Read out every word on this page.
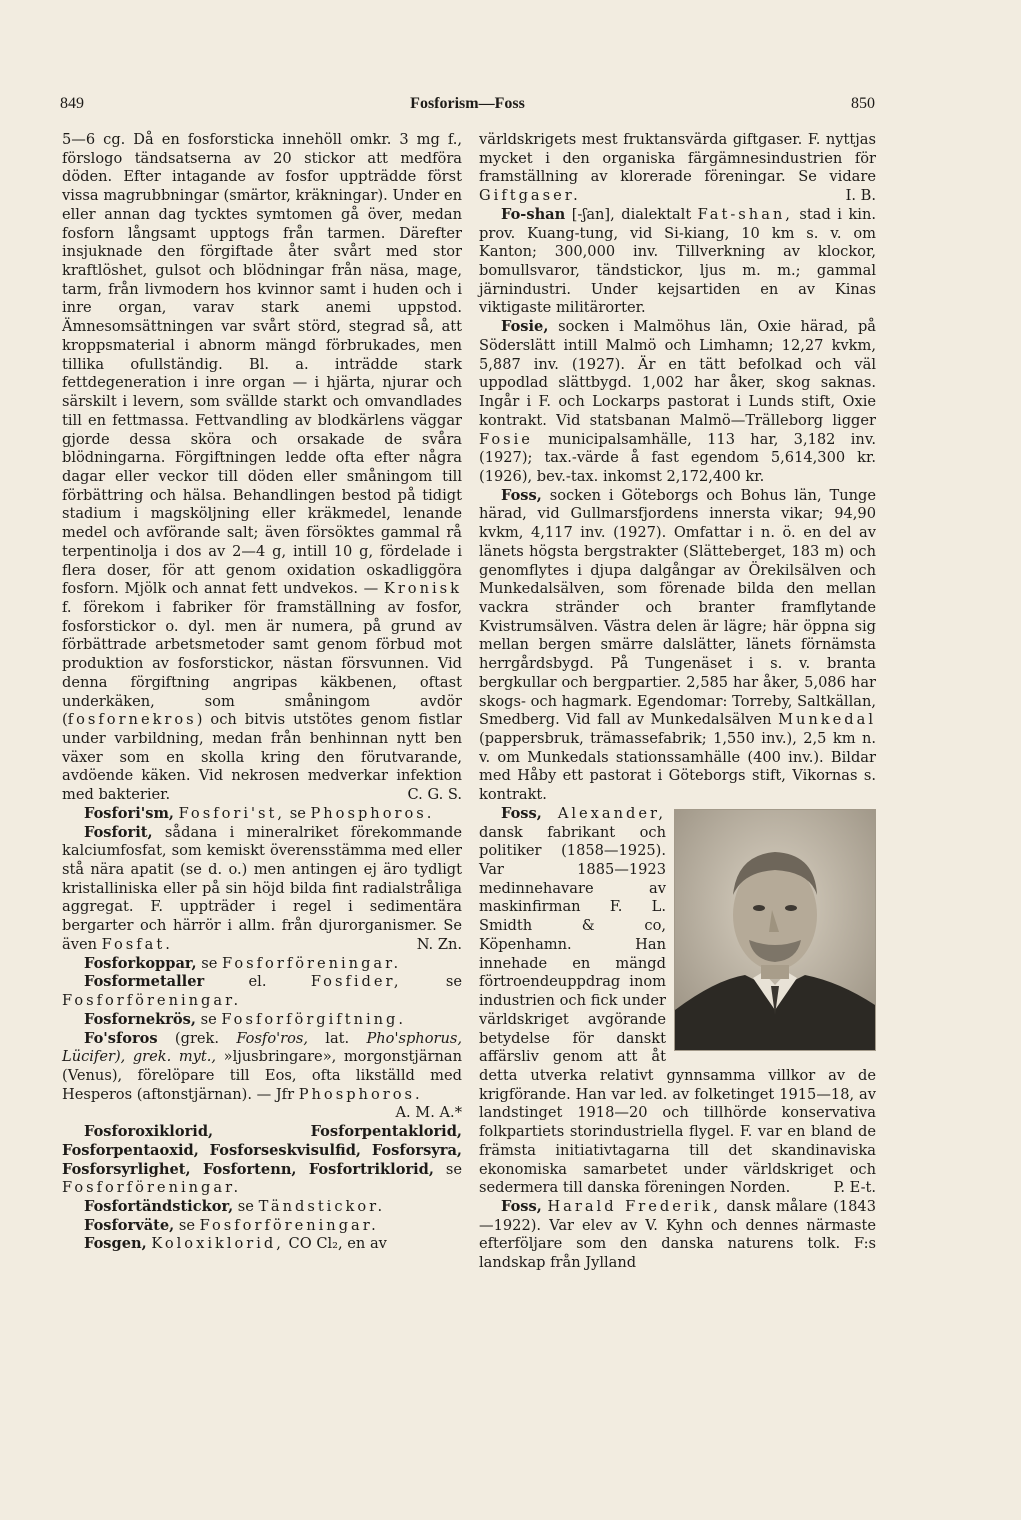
849	Fosforism—Foss	850

5—6 cg. Då en fosforsticka innehöll omkr. 3 mg f., förslogo tändsatserna av 20 stickor att medföra döden. Efter intagande av fosfor uppträdde först vissa magrubbningar (smärtor, kräkningar). Under en eller annan dag tycktes symtomen gå över, medan fosforn långsamt upptogs från tarmen. Därefter insjuknade den förgiftade åter svårt med stor kraftlöshet, gulsot och blödningar från näsa, mage, tarm, från livmodern hos kvinnor samt i huden och i inre organ, varav stark anemi uppstod. Ämnesomsättningen var svårt störd, stegrad så, att kroppsmaterial i abnorm mängd förbrukades, men tillika ofullständig. Bl. a. inträdde stark fettdegeneration i inre organ — i hjärta, njurar och särskilt i levern, som svällde starkt och omvandlades till en fettmassa. Fettvandling av blodkärlens väggar gjorde dessa sköra och orsakade de svåra blödningarna. Förgiftningen ledde ofta efter några dagar eller veckor till döden eller småningom till förbättring och hälsa. Behandlingen bestod på tidigt stadium i magsköljning eller kräkmedel, lenande medel och avförande salt; även försöktes gammal rå terpentinolja i dos av 2—4 g, intill 10 g, fördelade i flera doser, för att genom oxidation oskadliggöra fosforn. Mjölk och annat fett undvekos. — Kronisk f. förekom i fabriker för framställning av fosfor, fosforstickor o. dyl. men är numera, på grund av förbättrade arbetsmetoder samt genom förbud mot produktion av fosforstickor, nästan försvunnen. Vid denna förgiftning angripas käkbenen, oftast underkäken, som småningom avdör (fosfornekros) och bitvis utstötes genom fistlar under varbildning, medan från benhinnan nytt ben växer som en skolla kring den förutvarande, avdöende käken. Vid nekrosen medverkar infektion med bakterier.	C. G. S.

Fosfori'sm, Fosfori'st, se Phosphoros.

Fosforit, sådana i mineralriket förekommande kalciumfosfat, som kemiskt överensstämma med eller stå nära apatit (se d. o.) men antingen ej äro tydligt kristalliniska eller på sin höjd bilda fint radialstråliga aggregat. F. uppträder i regel i sedimentära bergarter och härrör i allm. från djurorganismer. Se även Fosfat.	N. Zn.

Fosforkoppar, se Fosforföreningar.

Fosformetaller el. Fosfider, se Fosforföreningar.

Fosfornekrös, se Fosforförgiftning.

Fo'sforos (grek. Fosfo'ros, lat. Pho'sphorus, Lücifer), grek. myt., »ljusbringare», morgonstjärnan (Venus), förelöpare till Eos, ofta likställd med Hesperos (aftonstjärnan). — Jfr Phosphoros.
A. M. A.*

Fosforoxiklorid, Fosforpentaklorid, Fosforpentaoxid, Fosforseskvisulfid, Fosforsyra, Fosforsyrlighet, Fosfortenn, Fosfortriklorid, se Fosforföreningar.

Fosfortändstickor, se Tändstickor.

Fosforväte, se Fosforföreningar.

Fosgen, Koloxiklorid, CO Cl₂, en av

världskrigets mest fruktansvärda giftgaser. F. nyttjas mycket i den organiska färgämnesindustrien för framställning av klorerade föreningar. Se vidare Giftgaser.	I. B.

Fo-shan [-ʃan], dialektalt Fat-shan, stad i kin. prov. Kuang-tung, vid Si-kiang, 10 km s. v. om Kanton; 300,000 inv. Tillverkning av klockor, bomullsvaror, tändstickor, ljus m. m.; gammal järnindustri. Under kejsartiden en av Kinas viktigaste militärorter.

Fosie, socken i Malmöhus län, Oxie härad, på Söderslätt intill Malmö och Limhamn; 12,27 kvkm, 5,887 inv. (1927). Är en tätt befolkad och väl uppodlad slättbygd. 1,002 har åker, skog saknas. Ingår i F. och Lockarps pastorat i Lunds stift, Oxie kontrakt. Vid statsbanan Malmö—Trälleborg ligger Fosie municipalsamhälle, 113 har, 3,182 inv. (1927); tax.-värde å fast egendom 5,614,300 kr. (1926), bev.-tax. inkomst 2,172,400 kr.

Foss, socken i Göteborgs och Bohus län, Tunge härad, vid Gullmarsfjordens innersta vikar; 94,90 kvkm, 4,117 inv. (1927). Omfattar i n. ö. en del av länets högsta bergstrakter (Slätteberget, 183 m) och genomflytes i djupa dalgångar av Örekilsälven och Munkedalsälven, som förenade bilda den mellan vackra stränder och branter framflytande Kvistrumsälven. Västra delen är lägre; här öppna sig mellan bergen smärre dalslätter, länets förnämsta herrgårdsbygd. På Tungenäset i s. v. branta bergkullar och bergpartier. 2,585 har åker, 5,086 har skogs- och hagmark. Egendomar: Torreby, Saltkällan, Smedberg. Vid fall av Munkedalsälven Munkedal (pappersbruk, trämassefabrik; 1,550 inv.), 2,5 km n. v. om Munkedals stationssamhälle (400 inv.). Bildar med Håby ett pastorat i Göteborgs stift, Vikornas s. kontrakt.

Foss, Alexander,
dansk fabrikant och politiker (1858—1925). Var 1885—1923 medinnehavare av maskinfirman F. L. Smidth & co, Köpenhamn. Han innehade en mängd förtroendeuppdrag inom industrien och fick under världskriget avgörande betydelse för danskt affärsliv genom att åt detta utverka relativt gynnsamma villkor av de krigförande. Han var led. av folketinget 1915—18, av landstinget 1918—20 och tillhörde konservativa folkpartiets storindustriella flygel. F. var en bland de främsta initiativtagarna till det skandinaviska ekonomiska samarbetet under världskriget och sedermera till danska föreningen Norden.	P. E-t.

Foss, Harald Frederik, dansk målare (1843—1922). Var elev av V. Kyhn och dennes närmaste efterföljare som den danska naturens tolk. F:s landskap från Jylland
